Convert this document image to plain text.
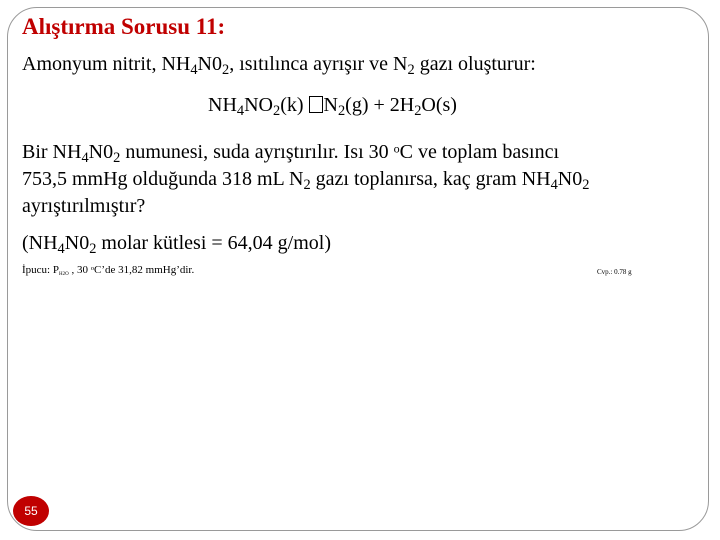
Alıştırma Sorusu 11:
Amonyum nitrit, $NH_4N0_2$, ısıtılınca ayrışır ve $N_2$ gazı oluşturur:
$NH_4NO_2(k) N_2(g) + 2H_2O(s)$
Bir $NH_4N0_2$ numunesi, suda ayrıştırılır. Isı 30 $^o$C ve toplam basıncı
753,5 mmHg olduğunda 318 mL $N_2$ gazı toplanırsa, kaç gram $NH_4N0_2$
ayrıştırılmıştır?
($NH_4N0_2$ molar kütlesi = 64,04 g/mol)
İpucu: PH2O , 30 $^o$C’de 31,82 mmHg’dir.	Cvp.: 0.78 g
55
